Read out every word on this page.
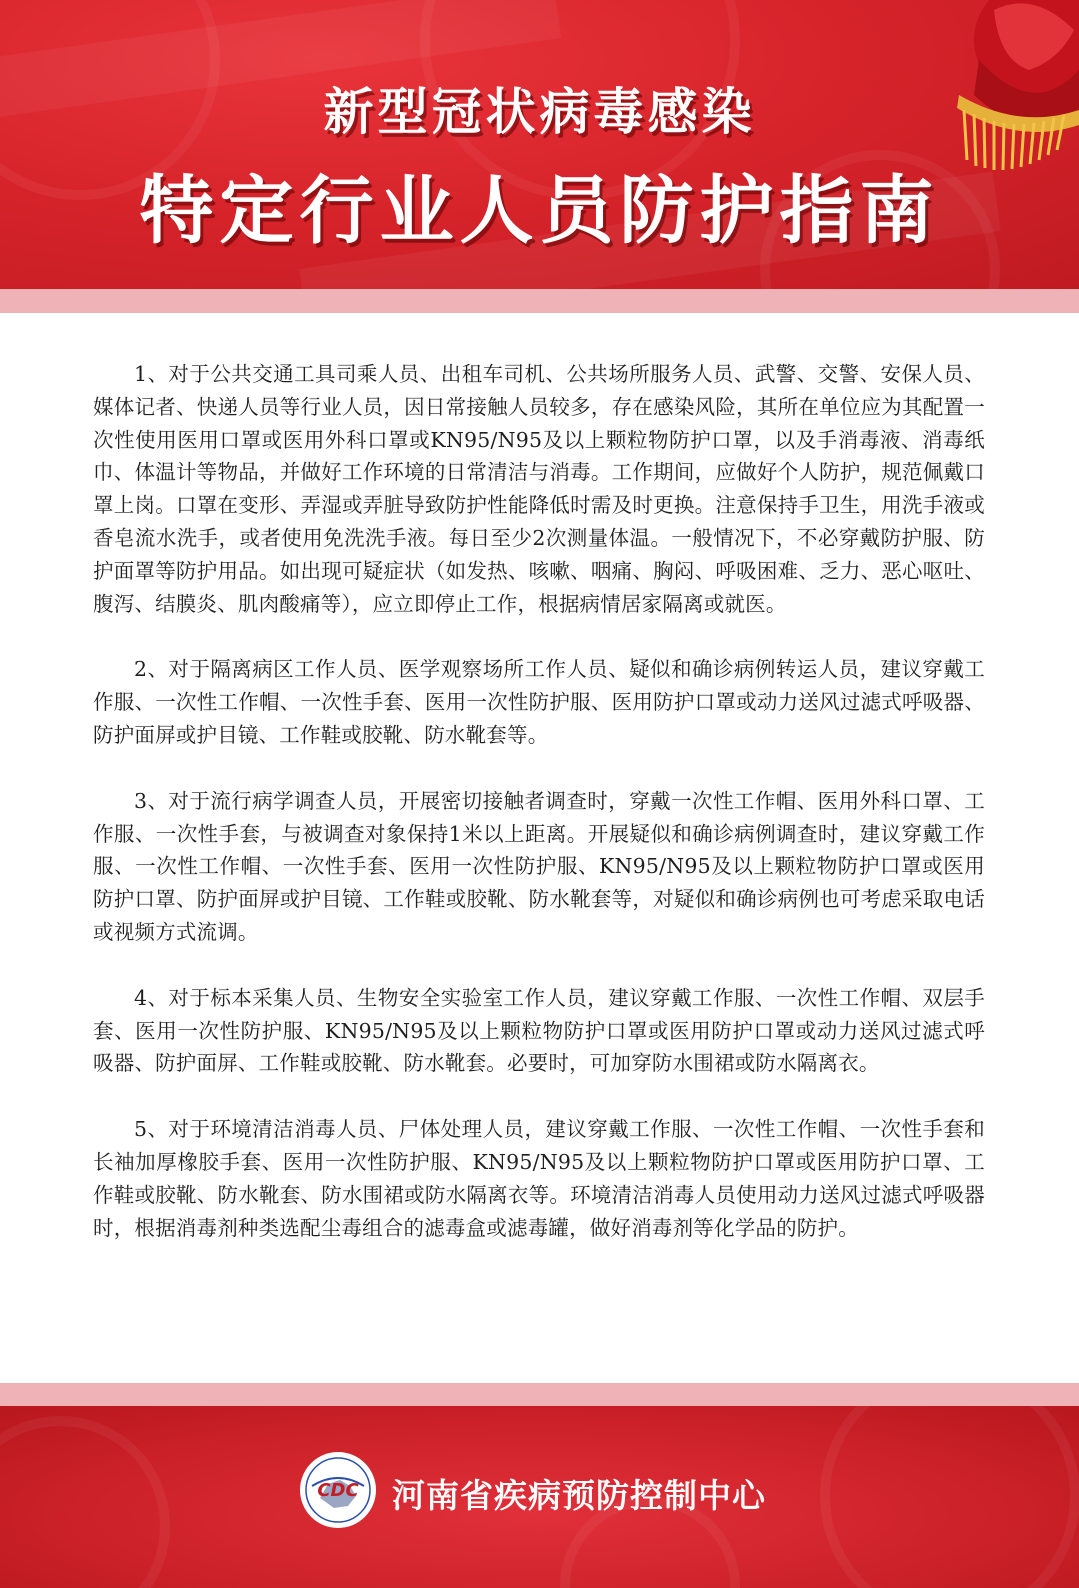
新型冠状病毒感染
特定行业人员防护指南

1、对于公共交通工具司乘人员、出租车司机、公共场所服务人员、武警、交警、安保人员、媒体记者、快递人员等行业人员，因日常接触人员较多，存在感染风险，其所在单位应为其配置一次性使用医用口罩或医用外科口罩或KN95/N95及以上颗粒物防护口罩，以及手消毒液、消毒纸巾、体温计等物品，并做好工作环境的日常清洁与消毒。工作期间，应做好个人防护，规范佩戴口罩上岗。口罩在变形、弄湿或弄脏导致防护性能降低时需及时更换。注意保持手卫生，用洗手液或香皂流水洗手，或者使用免洗洗手液。每日至少2次测量体温。一般情况下，不必穿戴防护服、防护面罩等防护用品。如出现可疑症状（如发热、咳嗽、咽痛、胸闷、呼吸困难、乏力、恶心呕吐、腹泻、结膜炎、肌肉酸痛等），应立即停止工作，根据病情居家隔离或就医。

2、对于隔离病区工作人员、医学观察场所工作人员、疑似和确诊病例转运人员，建议穿戴工作服、一次性工作帽、一次性手套、医用一次性防护服、医用防护口罩或动力送风过滤式呼吸器、防护面屏或护目镜、工作鞋或胶靴、防水靴套等。

3、对于流行病学调查人员，开展密切接触者调查时，穿戴一次性工作帽、医用外科口罩、工作服、一次性手套，与被调查对象保持1米以上距离。开展疑似和确诊病例调查时，建议穿戴工作服、一次性工作帽、一次性手套、医用一次性防护服、KN95/N95及以上颗粒物防护口罩或医用防护口罩、防护面屏或护目镜、工作鞋或胶靴、防水靴套等，对疑似和确诊病例也可考虑采取电话或视频方式流调。

4、对于标本采集人员、生物安全实验室工作人员，建议穿戴工作服、一次性工作帽、双层手套、医用一次性防护服、KN95/N95及以上颗粒物防护口罩或医用防护口罩或动力送风过滤式呼吸器、防护面屏、工作鞋或胶靴、防水靴套。必要时，可加穿防水围裙或防水隔离衣。

5、对于环境清洁消毒人员、尸体处理人员，建议穿戴工作服、一次性工作帽、一次性手套和长袖加厚橡胶手套、医用一次性防护服、KN95/N95及以上颗粒物防护口罩或医用防护口罩、工作鞋或胶靴、防水靴套、防水围裙或防水隔离衣等。环境清洁消毒人员使用动力送风过滤式呼吸器时，根据消毒剂种类选配尘毒组合的滤毒盒或滤毒罐，做好消毒剂等化学品的防护。

CDC 河南省疾病预防控制中心
